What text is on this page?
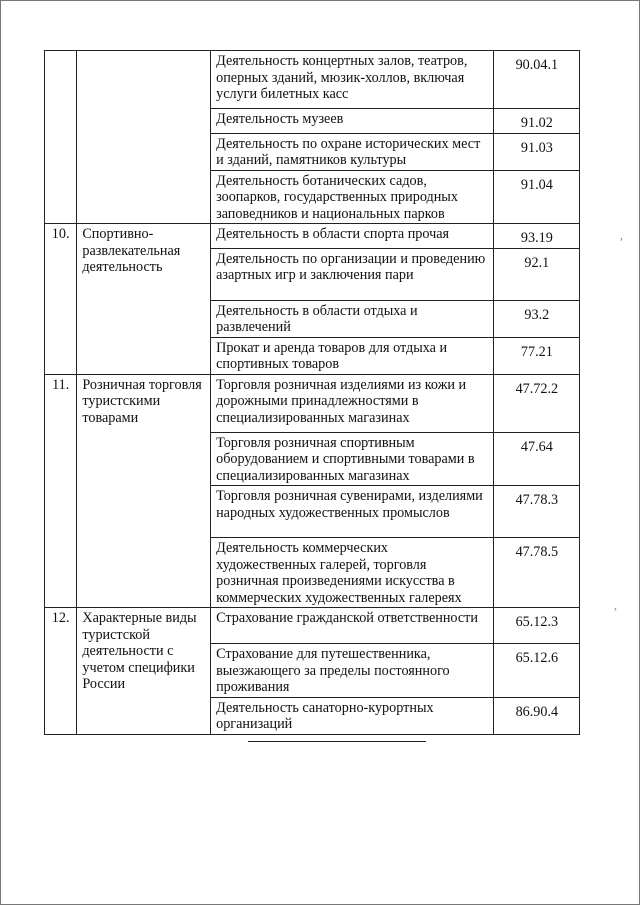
		Деятельность концертных залов, театров, оперных зданий, мюзик-холлов, включая услуги билетных касс	90.04.1
		Деятельность музеев	91.02
		Деятельность по охране исторических мест и зданий, памятников культуры	91.03
		Деятельность ботанических садов, зоопарков, государственных природных заповедников и национальных парков	91.04
10.	Спортивно-развлекательная деятельность	Деятельность в области спорта прочая	93.19
		Деятельность по организации и проведению азартных игр и заключения пари	92.1
		Деятельность в области отдыха и развлечений	93.2
		Прокат и аренда товаров для отдыха и спортивных товаров	77.21
11.	Розничная торговля туристскими товарами	Торговля розничная изделиями из кожи и дорожными принадлежностями в специализированных магазинах	47.72.2
		Торговля розничная спортивным оборудованием и спортивными товарами в специализированных магазинах	47.64
		Торговля розничная сувенирами, изделиями народных художественных промыслов	47.78.3
		Деятельность коммерческих художественных галерей, торговля розничная произведениями искусства в коммерческих художественных галереях	47.78.5
12.	Характерные виды туристской деятельности с учетом специфики России	Страхование гражданской ответственности	65.12.3
		Страхование для путешественника, выезжающего за пределы постоянного проживания	65.12.6
		Деятельность санаторно-курортных организаций	86.90.4
,
,
